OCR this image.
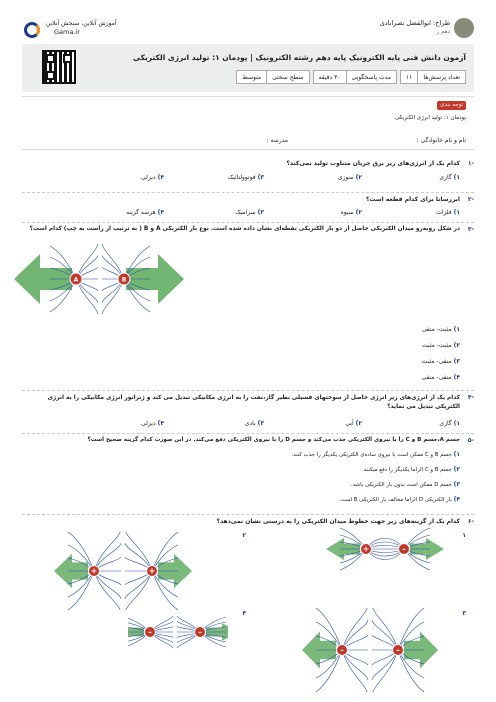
طراح: ابوالفضل نصرابادی
دهم ر
آموزش آنلاین، سنجش آنلاین
Gama.ir
آزمون دانش فنی پایه الکترونیک پایه دهم رشته الکترونیک | پودمان ۱: تولید انرژی الکتریکی
تعداد پرسش‌ها
۱۱
مدت پاسخگویی
۳۰ دقیقه
سطح سختی
متوسط
توجه بندی
پودمان ۱: تولید انرژی الکتریکی
نام و نام خانوادگی :
مدرسه :
-۱
کدام یک از انرژی‌های زیر برق جریان متناوب تولید نمی‌کند؟
۱) گازی
۲) سوزی
۳) فوتوولتائیک
۴) دیزلی
-۲
ابررسانا برای کدام قطعه است؟
۱) فلزات
۲) سیوه
۳) سرامیک
۴) هرسه گزینه
-۳
در شکل روبه‌رو میدان الکتریکی حاصل از دو بار الکتریکی نقطه‌ای نشان داده شده است. نوع بار الکتریکی A و B ( به ترتیب از راست به چپ) کدام است؟
۱) مثبت- منفی
۲) مثبت- مثبت
۳) منفی- مثبت
۴) منفی- منفی
A	B
-۴
کدام یک از انرژی‌های زیر انرژی حاصل از سوختهای فسیلی نظیر گاز،نفت را به انرژی مکانیکی تبدیل می کند و ژنراتور انرژی مکانیکی را به انرژی الکتریکی تبدیل می نماید؟
۱) گازی
۲) آبی
۳) بادی
۴) دیزلی
-۵
جسم A،جسم B و C را با نیروی الکتریکی جذب می‌کند و جسم D را با نیروی الکتریکی دفع می‌کند. در این صورت کدام گزینه صحیح است؟
۱) جسم B و C ممکن است با نیروی ساده‌ی الکتریکی یکدیگر را جذب کنند.
۲) جسم B و C الزاما یکدیگر را دفع میکنند.
۳) جسم D ممکن است بدون بار الکتریکی باشد.
۴) بار الکتریکی D الزاما مخالف بار الکتریکی B است.
-۶
کدام یک از گزینه‌های زیر جهت خطوط میدان الکتریکی را به درستی نشان نمی‌دهد؟
۱
۲
۳
۴
+	-
+	+
-	-
-	-
